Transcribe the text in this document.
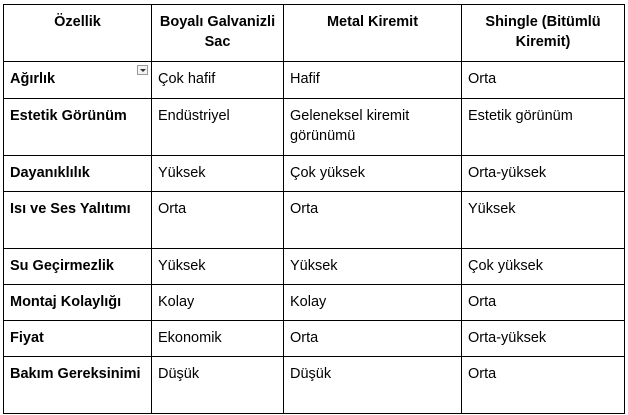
Özellik	Boyalı Galvanizli Sac	Metal Kiremit	Shingle (Bitümlü Kiremit)
Ağırlık	Çok hafif	Hafif	Orta
Estetik Görünüm	Endüstriyel	Geleneksel kiremit görünümü	Estetik görünüm
Dayanıklılık	Yüksek	Çok yüksek	Orta-yüksek
Isı ve Ses Yalıtımı	Orta	Orta	Yüksek
Su Geçirmezlik	Yüksek	Yüksek	Çok yüksek
Montaj Kolaylığı	Kolay	Kolay	Orta
Fiyat	Ekonomik	Orta	Orta-yüksek
Bakım Gereksinimi	Düşük	Düşük	Orta
